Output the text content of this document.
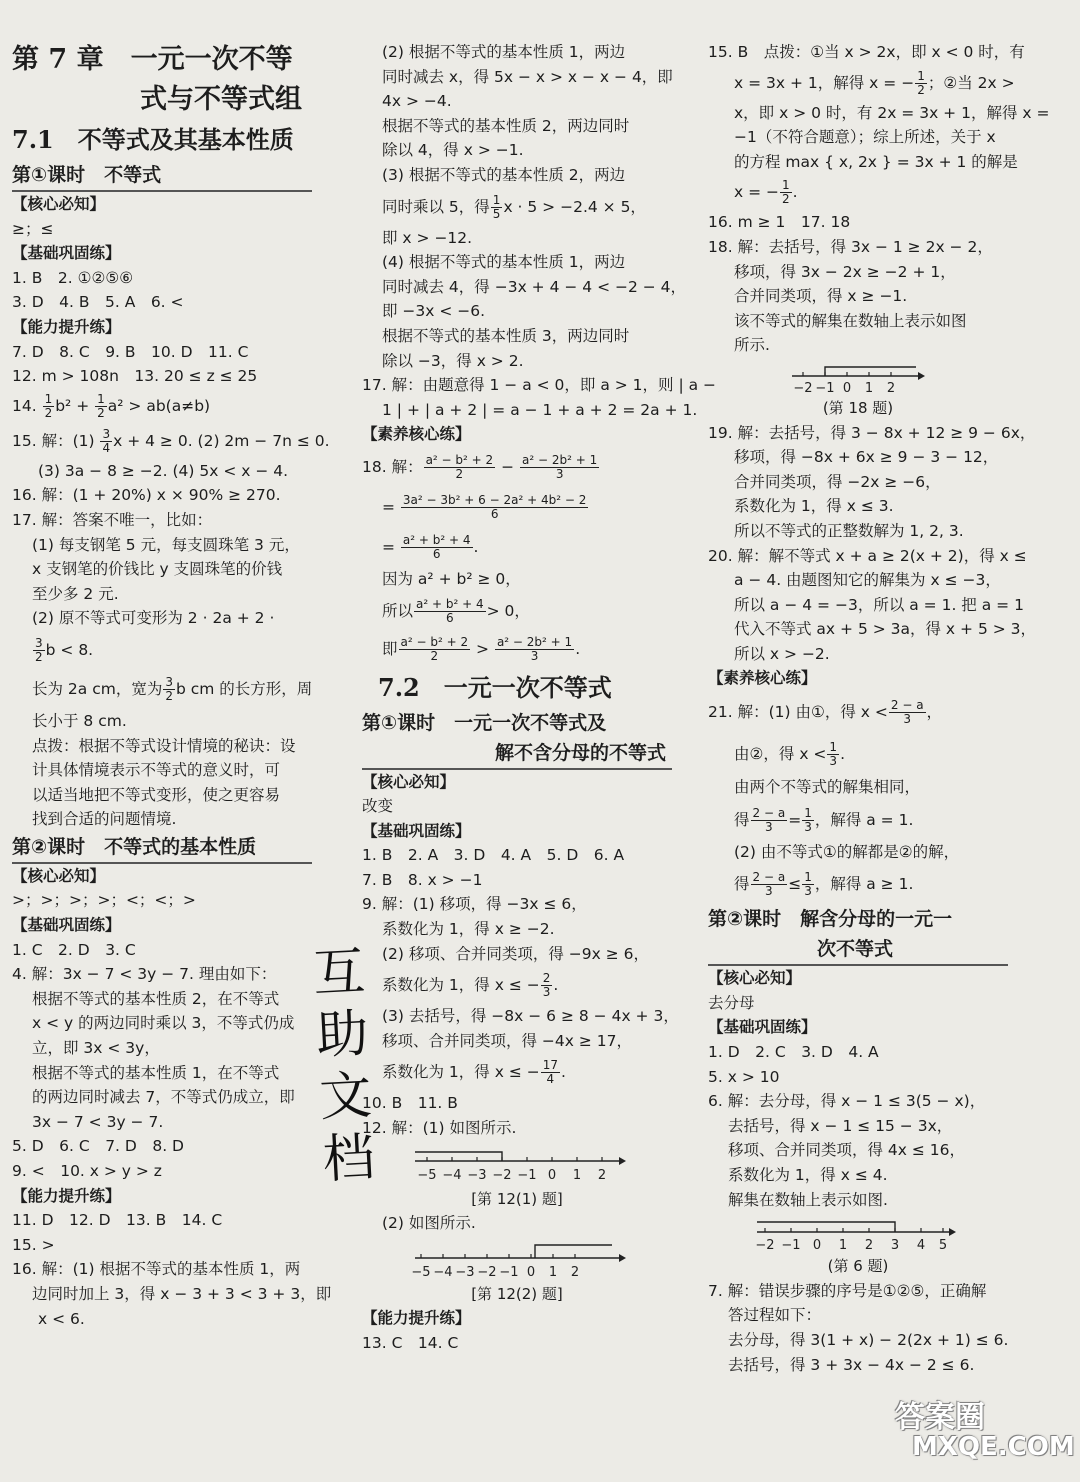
第 7 章　一元一次不等

式与不等式组

7.1　不等式及其基本性质

第①课时　不等式

【核心必知】

≥；≤

【基础巩固练】

1. B　2. ①②⑤⑥

3. D　4. B　5. A　6. <

【能力提升练】

7. D　8. C　9. B　10. D　11. C

12. m > 108n　13. 20 ≤ z ≤ 25

14. $\frac{1}{2} b^2 + \frac{1}{2} a^2 > ab(a\ne b)$

15. 解：$(1) \frac{3}{4}$ x + 4 ≥ 0. (2) 2m − 7n ≤ 0.

(3) 3a − 8 ≥ −2. (4) 5x < x − 4.

16. 解：(1 + 20%) x × 90% ≥ 270.

17. 解：答案不唯一，比如：

(1) 每支钢笔 5 元，每支圆珠笔 3 元，

x 支钢笔的价钱比 y 支圆珠笔的价钱

至少多 2 元.

(2) 原不等式可变形为 2 · 2a + 2 ·

$\frac{3}{2}$ b < 8.

长为 2a cm，宽为 $\frac{3}{2}$ b cm 的长方形，周

长小于 8 cm.

点拨：根据不等式设计情境的秘诀：设

计具体情境表示不等式的意义时，可

以适当地把不等式变形，使之更容易

找到合适的问题情境.

第②课时　不等式的基本性质

【核心必知】

>；>；>；>；<；<；>

【基础巩固练】

1. C　2. D　3. C

4. 解：3x − 7 < 3y − 7. 理由如下：

根据不等式的基本性质 2，在不等式

x < y 的两边同时乘以 3，不等式仍成

立，即 3x < 3y，

根据不等式的基本性质 1，在不等式

的两边同时减去 7，不等式仍成立，即

3x − 7 < 3y − 7.

5. D　6. C　7. D　8. D

9. <　10. x > y > z

【能力提升练】

11. D　12. D　13. B　14. C

15. >

16. 解：(1) 根据不等式的基本性质 1，两

边同时加上 3，得 x − 3 + 3 < 3 + 3，即

x < 6.

(2) 根据不等式的基本性质 1，两边

同时减去 x，得 5x − x > x − x − 4，即

4x > −4.

根据不等式的基本性质 2，两边同时

除以 4，得 x > −1.

(3) 根据不等式的基本性质 2，两边

同时乘以 5，得 $\frac{1}{5}$ x · 5 > −2.4 × 5，

即 x > −12.

(4) 根据不等式的基本性质 1，两边

同时减去 4，得 −3x + 4 − 4 < −2 − 4，

即 −3x < −6.

根据不等式的基本性质 3，两边同时

除以 −3，得 x > 2.

17. 解：由题意得 1 − a < 0，即 a > 1，则 | a −

1 | + | a + 2 | = a − 1 + a + 2 = 2a + 1.

【素养核心练】

18. 解： $\frac{\text{a² − b² + 2}}{2} - \frac{\text{a² − 2b² + 1}}{3}$

= $\frac{\text{3a² − 3b² + 6 − 2a² + 4b² − 2}}{6}$

= $\frac{\text{a² + b² + 4}}{6}$ .

因为 a² + b² ≥ 0，

所以 $\frac{\text{a² + b² + 4}}{6} > 0$，

即 $\frac{\text{a² − b² + 2}}{2} > \frac{\text{a² − 2b² + 1}}{3}$ .

7.2　一元一次不等式

第①课时　一元一次不等式及

解不含分母的不等式

【核心必知】

改变

【基础巩固练】

1. B　2. A　3. D　4. A　5. D　6. A

7. B　8. x > −1

9. 解：(1) 移项，得 −3x ≤ 6，

系数化为 1，得 x ≥ −2.

(2) 移项、合并同类项，得 −9x ≥ 6，

系数化为 1，得 x ≤ − $\frac{2}{3}$ .

(3) 去括号，得 −8x − 6 ≥ 8 − 4x + 3，

移项、合并同类项，得 −4x ≥ 17，

系数化为 1，得 x ≤ − $\frac{17}{4}$ .

10. B　11. B

12. 解：(1) 如图所示.

−5 −4 −3 −2 −1 0 1 2

[第 12(1) 题]

(2) 如图所示.

−5 −4 −3 −2 −1 0 1 2

[第 12(2) 题]

【能力提升练】

13. C　14. C

15. B　点拨：①当 x > 2x，即 x < 0 时，有

x = 3x + 1，解得 x = − $\frac{1}{2}$ ；②当 2x >

x，即 x > 0 时，有 2x = 3x + 1，解得 x =

−1（不符合题意）；综上所述，关于 x

的方程 max { x, 2x } = 3x + 1 的解是

x = − $\frac{1}{2}$ .

16. m ≥ 1　17. 18

18. 解：去括号，得 3x − 1 ≥ 2x − 2，

移项，得 3x − 2x ≥ −2 + 1，

合并同类项，得 x ≥ −1.

该不等式的解集在数轴上表示如图

所示.

−2 −1 0 1 2

(第 18 题)

19. 解：去括号，得 3 − 8x + 12 ≥ 9 − 6x，

移项，得 −8x + 6x ≥ 9 − 3 − 12，

合并同类项，得 −2x ≥ −6，

系数化为 1，得 x ≤ 3.

所以不等式的正整数解为 1, 2, 3.

20. 解：解不等式 x + a ≥ 2(x + 2)，得 x ≤

a − 4. 由题图知它的解集为 x ≤ −3，

所以 a − 4 = −3，所以 a = 1. 把 a = 1

代入不等式 ax + 5 > 3a，得 x + 5 > 3，

所以 x > −2.

【素养核心练】

21. 解：(1) 由①，得 $x < \frac{2 - a}{3}$ ，

由②，得 $x < \frac{1}{3}$ .

由两个不等式的解集相同，

得 $\frac{2 - a}{3} = \frac{1}{3}$ ，解得 a = 1.

(2) 由不等式①的解都是②的解，

得 $\frac{2 - a}{3} \le \frac{1}{3}$ ，解得 a ≥ 1.

第②课时　解含分母的一元一

次不等式

【核心必知】

去分母

【基础巩固练】

1. D　2. C　3. D　4. A

5. x > 10

6. 解：去分母，得 x − 1 ≤ 3(5 − x)，

去括号，得 x − 1 ≤ 15 − 3x，

移项、合并同类项，得 4x ≤ 16，

系数化为 1，得 x ≤ 4.

解集在数轴上表示如图.

−2 −1 0 1 2 3 4 5

(第 6 题)

7. 解：错误步骤的序号是①②⑤，正确解

答过程如下：

去分母，得 3(1 + x) − 2(2x + 1) ≤ 6.

去括号，得 3 + 3x − 4x − 2 ≤ 6.

互
助
文
档
答案圈
MXQE.COM
